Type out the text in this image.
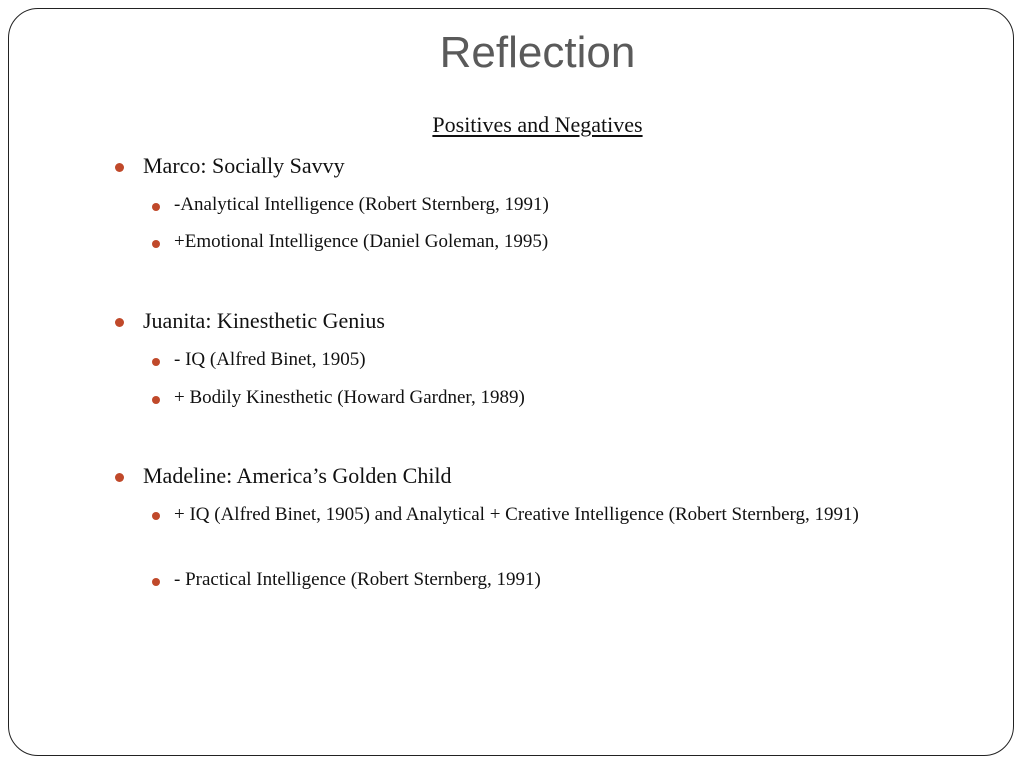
Reflection
Positives and Negatives
Marco: Socially Savvy
-Analytical Intelligence (Robert Sternberg, 1991)
+Emotional Intelligence (Daniel Goleman, 1995)
Juanita: Kinesthetic Genius
- IQ (Alfred Binet, 1905)
+ Bodily Kinesthetic (Howard Gardner, 1989)
Madeline: America’s Golden Child
+ IQ (Alfred Binet, 1905) and Analytical + Creative Intelligence (Robert Sternberg, 1991)
- Practical Intelligence (Robert Sternberg, 1991)
